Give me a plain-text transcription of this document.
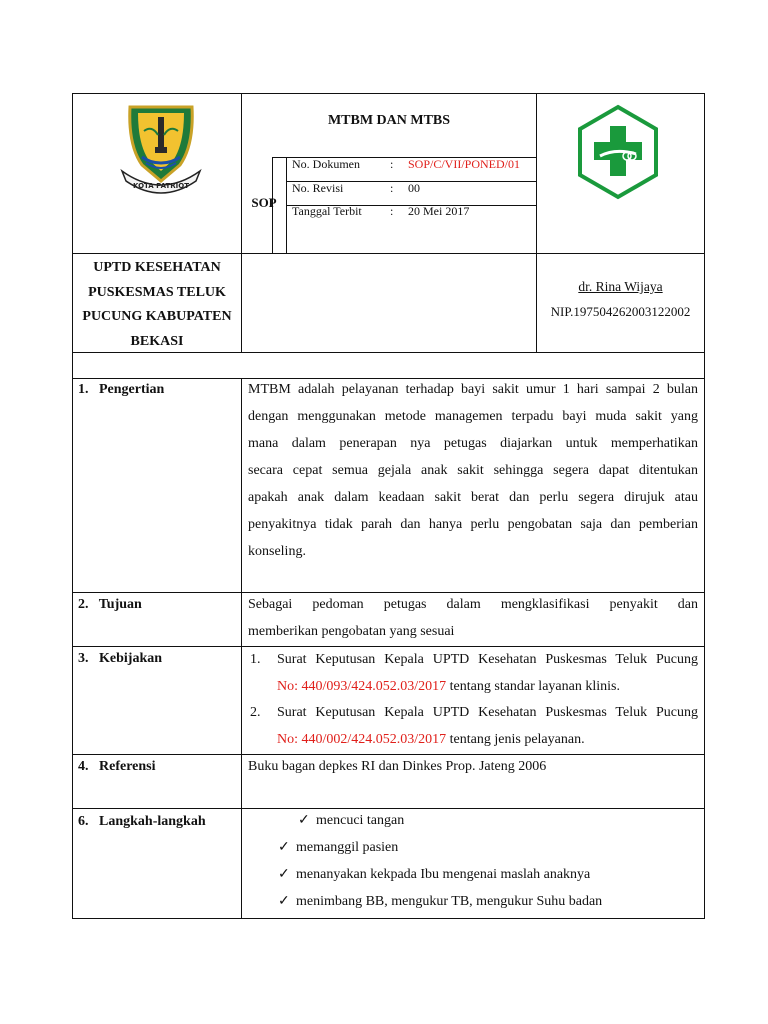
KOTA PATRIOT
MTBM DAN MTBS
SOP
No. Dokumen	: SOP/C/VII/PONED/01
No. Revisi	: 00
Tanggal Terbit : 20 Mei 2017
UPTD KESEHATAN
PUSKESMAS TELUK
PUCUNG KABUPATEN
BEKASI
dr. Rina Wijaya
NIP.197504262003122002
1.   Pengertian	MTBM adalah pelayanan terhadap bayi sakit umur 1 hari sampai 2 bulan

dengan menggunakan metode managemen terpadu bayi muda sakit yang

mana dalam penerapan nya petugas diajarkan untuk memperhatikan

secara cepat semua gejala anak sakit sehingga segera dapat ditentukan

apakah anak dalam keadaan sakit berat dan perlu segera dirujuk atau

penyakitnya tidak parah dan hanya perlu pengobatan saja dan pemberian

konseling.

2.   Tujuan	Sebagai pedoman petugas dalam mengklasifikasi penyakit dan

memberikan pengobatan yang sesuai

3.   Kebijakan	1. Surat Keputusan Kepala UPTD Kesehatan Puskesmas Teluk Pucung
No: 440/093/424.052.03/2017 tentang standar layanan klinis.
2. Surat Keputusan Kepala UPTD Kesehatan Puskesmas Teluk Pucung
No: 440/002/424.052.03/2017 tentang jenis pelayanan.
4.   Referensi	Buku bagan depkes RI dan Dinkes Prop. Jateng 2006
6.   Langkah-langkah	✓ mencuci tangan
✓ memanggil pasien
✓ menanyakan kekpada Ibu mengenai maslah anaknya
✓ menimbang BB, mengukur TB, mengukur Suhu badan
